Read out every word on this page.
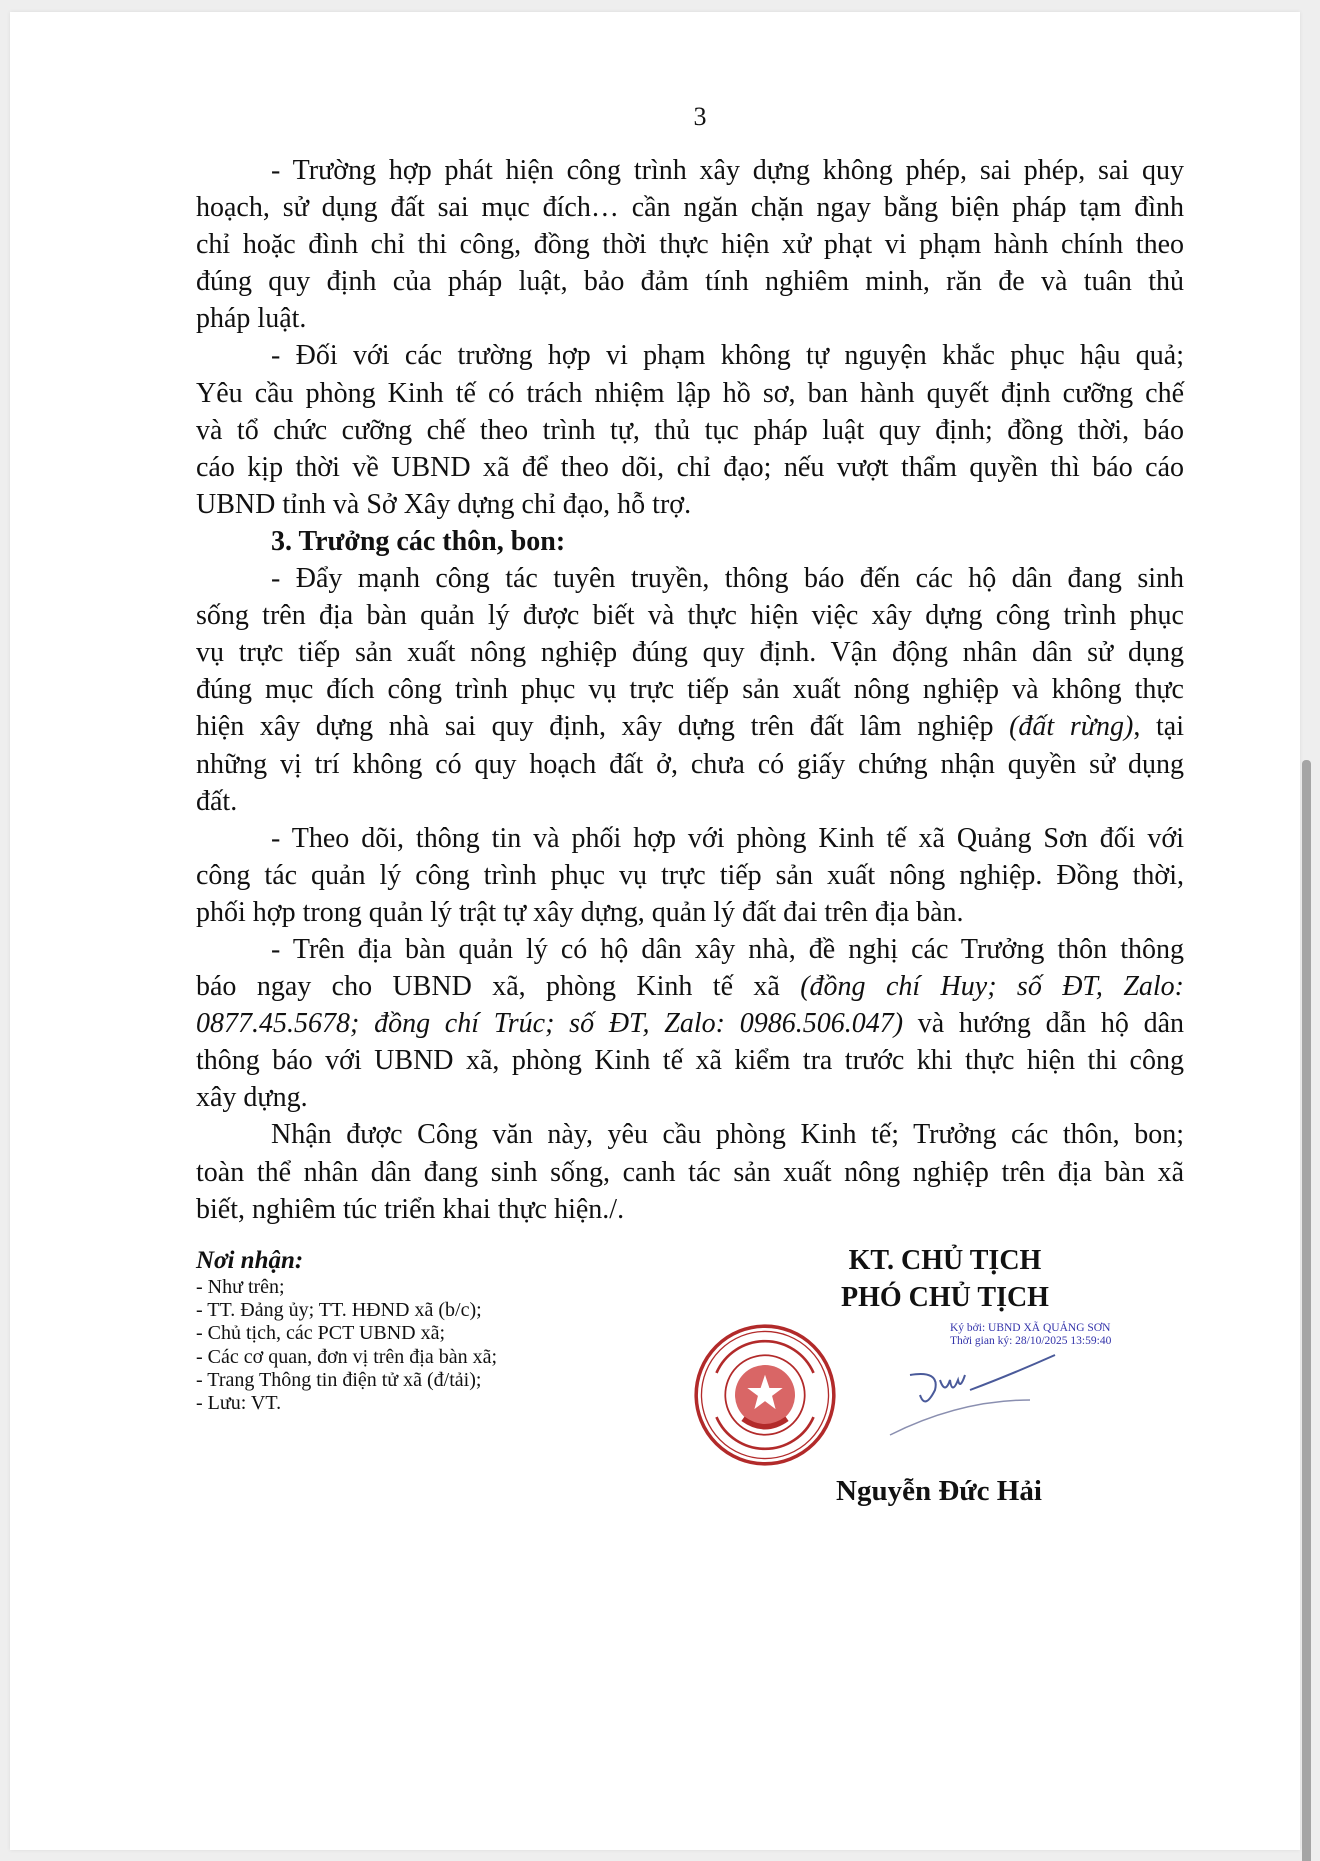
3
- Trường hợp phát hiện công trình xây dựng không phép, sai phép, sai quy
hoạch, sử dụng đất sai mục đích… cần ngăn chặn ngay bằng biện pháp tạm đình
chỉ hoặc đình chỉ thi công, đồng thời thực hiện xử phạt vi phạm hành chính theo
đúng quy định của pháp luật, bảo đảm tính nghiêm minh, răn đe và tuân thủ
pháp luật.
- Đối với các trường hợp vi phạm không tự nguyện khắc phục hậu quả;
Yêu cầu phòng Kinh tế có trách nhiệm lập hồ sơ, ban hành quyết định cưỡng chế
và tổ chức cưỡng chế theo trình tự, thủ tục pháp luật quy định; đồng thời, báo
cáo kịp thời về UBND xã để theo dõi, chỉ đạo; nếu vượt thẩm quyền thì báo cáo
UBND tỉnh và Sở Xây dựng chỉ đạo, hỗ trợ.
3. Trưởng các thôn, bon:
- Đẩy mạnh công tác tuyên truyền, thông báo đến các hộ dân đang sinh
sống trên địa bàn quản lý được biết và thực hiện việc xây dựng công trình phục
vụ trực tiếp sản xuất nông nghiệp đúng quy định. Vận động nhân dân sử dụng
đúng mục đích công trình phục vụ trực tiếp sản xuất nông nghiệp và không thực
hiện xây dựng nhà sai quy định, xây dựng trên đất lâm nghiệp (đất rừng), tại
những vị trí không có quy hoạch đất ở, chưa có giấy chứng nhận quyền sử dụng
đất.
- Theo dõi, thông tin và phối hợp với phòng Kinh tế xã Quảng Sơn đối với
công tác quản lý công trình phục vụ trực tiếp sản xuất nông nghiệp. Đồng thời,
phối hợp trong quản lý trật tự xây dựng, quản lý đất đai trên địa bàn.
- Trên địa bàn quản lý có hộ dân xây nhà, đề nghị các Trưởng thôn thông
báo ngay cho UBND xã, phòng Kinh tế xã (đồng chí Huy; số ĐT, Zalo:
0877.45.5678; đồng chí Trúc; số ĐT, Zalo: 0986.506.047) và hướng dẫn hộ dân
thông báo với UBND xã, phòng Kinh tế xã kiểm tra trước khi thực hiện thi công
xây dựng.
Nhận được Công văn này, yêu cầu phòng Kinh tế; Trưởng các thôn, bon;
toàn thể nhân dân đang sinh sống, canh tác sản xuất nông nghiệp trên địa bàn xã
biết, nghiêm túc triển khai thực hiện./.
Nơi nhận:
- Như trên;
- TT. Đảng ủy; TT. HĐND xã (b/c);
- Chủ tịch, các PCT UBND xã;
- Các cơ quan, đơn vị trên địa bàn xã;
- Trang Thông tin điện tử xã (đ/tải);
- Lưu: VT.
KT. CHỦ TỊCH
PHÓ CHỦ TỊCH
Ký bởi: UBND XÃ QUẢNG SƠN
Thời gian ký: 28/10/2025 13:59:40
Nguyễn Đức Hải
